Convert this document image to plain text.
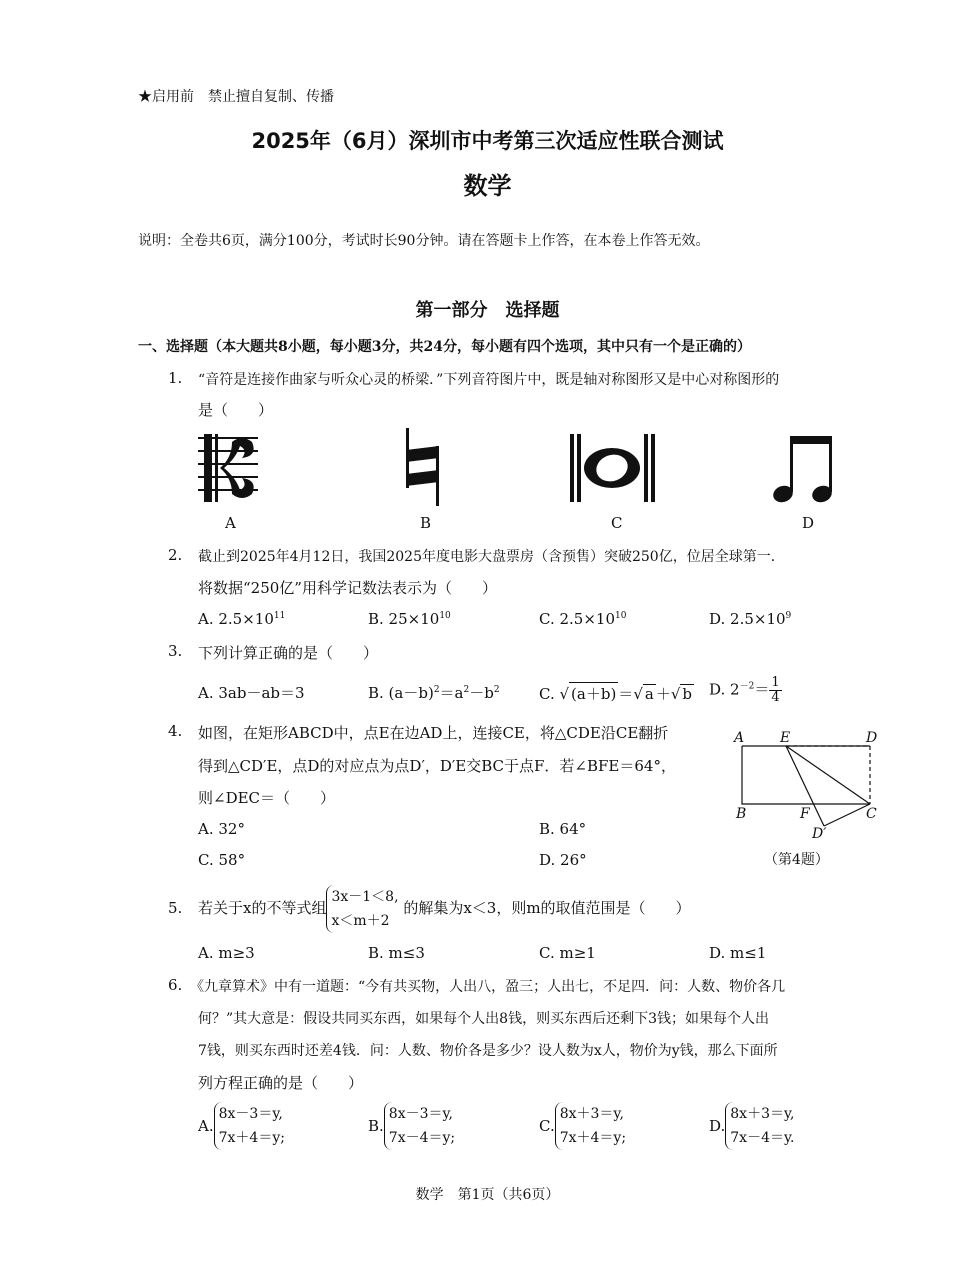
★启用前　禁止擅自复制、传播
2025年（6月）深圳市中考第三次适应性联合测试
数学
说明：全卷共6页，满分100分，考试时长90分钟。请在答题卡上作答，在本卷上作答无效。
第一部分　选择题
一、选择题（本大题共8小题，每小题3分，共24分，每小题有四个选项，其中只有一个是正确的）
1. “音符是连接作曲家与听众心灵的桥梁．”下列音符图片中，既是轴对称图形又是中心对称图形的
是（　　）
A	B	C	D
2. 截止到2025年4月12日，我国2025年度电影大盘票房（含预售）突破250亿，位居全球第一．
将数据“250亿”用科学记数法表示为（　　）
A. $2.5\times 10^{11}$	B. $25\times 10^{10}$	C. $2.5\times 10^{10}$	D. $2.5\times 10^9$
3. 下列计算正确的是（　　）
A. 3ab－ab＝3	B. $(a-b)^2=a^2-b^2$	C. √ (a＋b) ＝√ a ＋√ b D. $2^{-2}= \frac{1}{4}$
4. 如图，在矩形ABCD中，点E在边AD上，连接CE，将△CDE沿CE翻折
得到△CD′E，点D的对应点为点D′，D′E交BC于点F．若∠BFE＝64°，
则∠DEC＝（　　）
A. 32°	B. 64°
C. 58°	D. 26°
A	E	D
B	F	C
D′
（第4题）
5. 若关于x的不等式组
3x－1＜8,
x＜m＋2
的解集为x＜3，则m的取值范围是（　　）
A. m≥3	B. m≤3	C. m≥1	D. m≤1
6. 《九章算术》中有一道题：“今有共买物，人出八，盈三；人出七，不足四．问：人数、物价各几
何？”其大意是：假设共同买东西，如果每个人出8钱，则买东西后还剩下3钱；如果每个人出
7钱，则买东西时还差4钱．问：人数、物价各是多少？设人数为x人，物价为y钱，那么下面所
列方程正确的是（　　）
A.
8x－3＝y,
7x＋4＝y;
B.
8x－3＝y,
7x－4＝y;
C.
8x＋3＝y,
7x＋4＝y;
D.
8x＋3＝y,
7x－4＝y.
数学　第1页（共6页）
